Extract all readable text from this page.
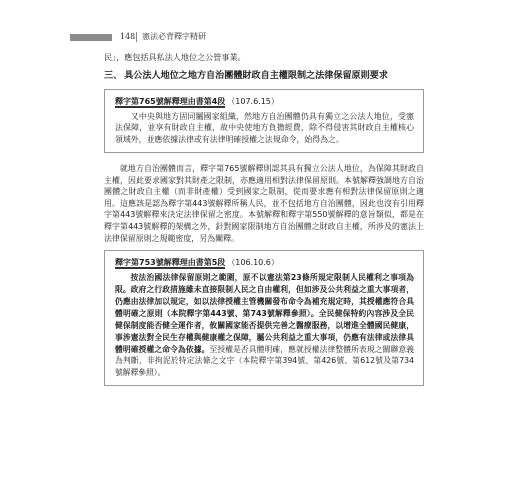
148 憲法必背釋字精研

民」，應包括具私法人地位之公營事業。

三、 具公法人地位之地方自治團體財政自主權限制之法律保留原則要求
釋字第765號解釋理由書第4段 （107.6.15）

又中央與地方固同屬國家組織，然地方自治團體仍具有獨立之公法人地位，受憲法保障，並享有財政自主權，故中央使地方負擔經費，除不得侵害其財政自主權核心領域外，並應依據法律或有法律明確授權之法規命令，始得為之。

就地方自治團體而言，釋字第765號解釋則認其具有獨立公法人地位，為保障其財政自主權，因此要求國家對其財產之限制，亦應適用相對法律保留原則。本號解釋強調地方自治團體之財政自主權（而非財產權）受到國家之限制，從而要求應有相對法律保留原則之適用。這應該是認為釋字第443號解釋所稱人民，並不包括地方自治團體，因此也沒有引用釋字第443號解釋來決定法律保留之密度。本號解釋和釋字第550號解釋的意旨類似，都是在釋字第443號解釋的架構之外，針對國家限制地方自治團體之財政自主權，所涉及的憲法上法律保留原則之規範密度，另為闡釋。

釋字第753號解釋理由書第5段 （106.10.6）

按法治國法律保留原則之範圍，原不以憲法第23條所規定限制人民權利之事項為限。政府之行政措施雖未直接限制人民之自由權利，但如涉及公共利益之重大事項者，仍應由法律加以規定，如以法律授權主管機關發布命令為補充規定時，其授權應符合具體明確之原則（本院釋字第443號、第743號解釋參照）。全民健保特約內容涉及全民健保制度能否健全運作者，攸關國家能否提供完善之醫療服務，以增進全體國民健康，事涉憲法對全民生存權與健康權之保障，屬公共利益之重大事項，仍應有法律或法律具體明確授權之命令為依據。至授權是否具體明確，應就授權法律整體所表現之關聯意義為判斷，非拘泥於特定法條之文字（本院釋字第394號、第426號、第612號及第734號解釋參照）。
